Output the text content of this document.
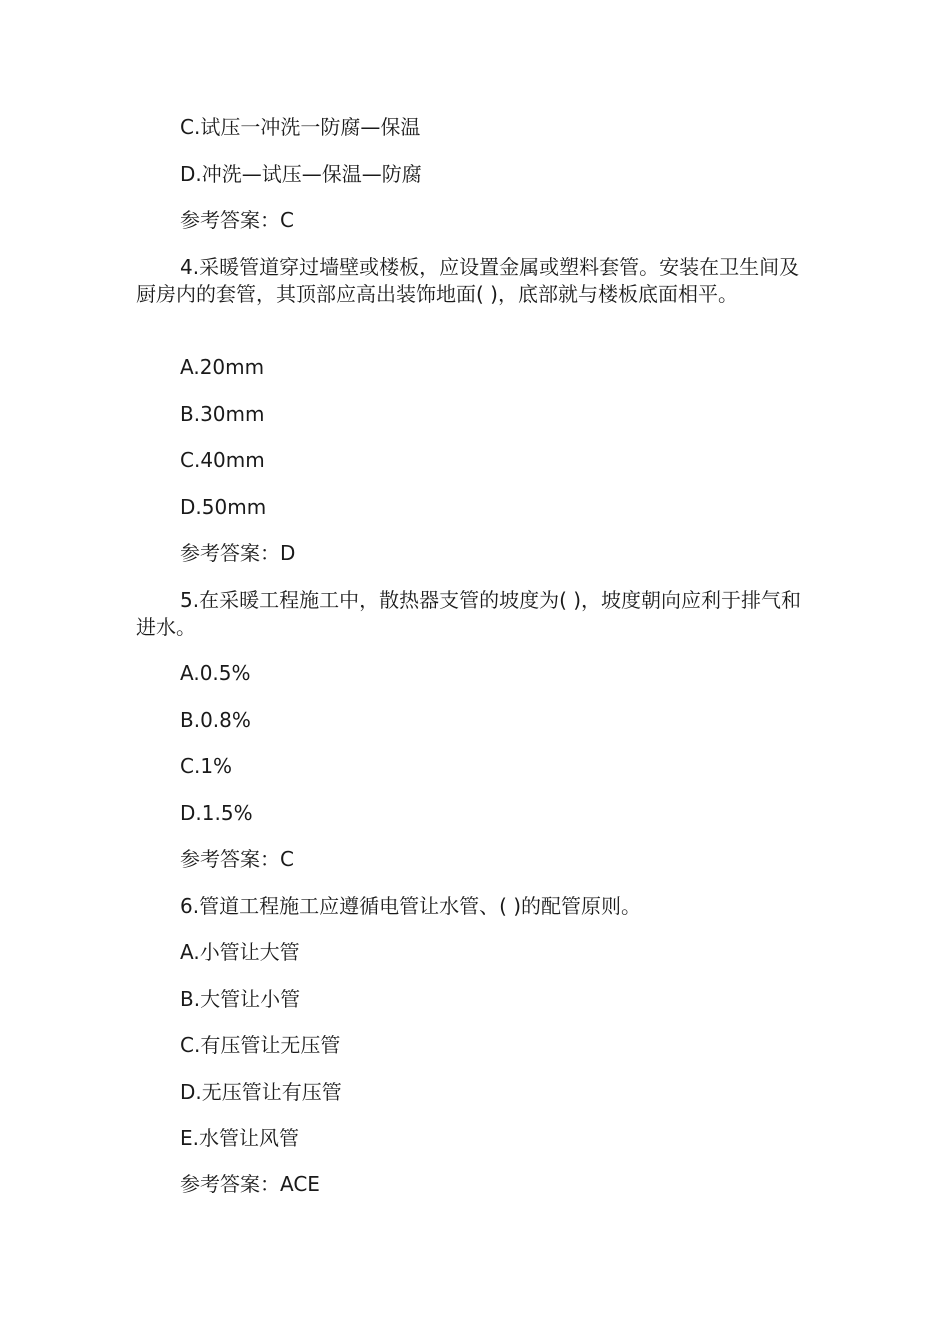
C.试压一冲洗一防腐—保温
D.冲洗—试压—保温—防腐
参考答案：C
4.采暖管道穿过墙壁或楼板，应设置金属或塑料套管。安装在卫生间及厨房内的套管，其顶部应高出装饰地面( )，底部就与楼板底面相平。
A.20mm
B.30mm
C.40mm
D.50mm
参考答案：D
5.在采暖工程施工中，散热器支管的坡度为( )，坡度朝向应利于排气和进水。
A.0.5%
B.0.8%
C.1%
D.1.5%
参考答案：C
6.管道工程施工应遵循电管让水管、( )的配管原则。
A.小管让大管
B.大管让小管
C.有压管让无压管
D.无压管让有压管
E.水管让风管
参考答案：ACE
